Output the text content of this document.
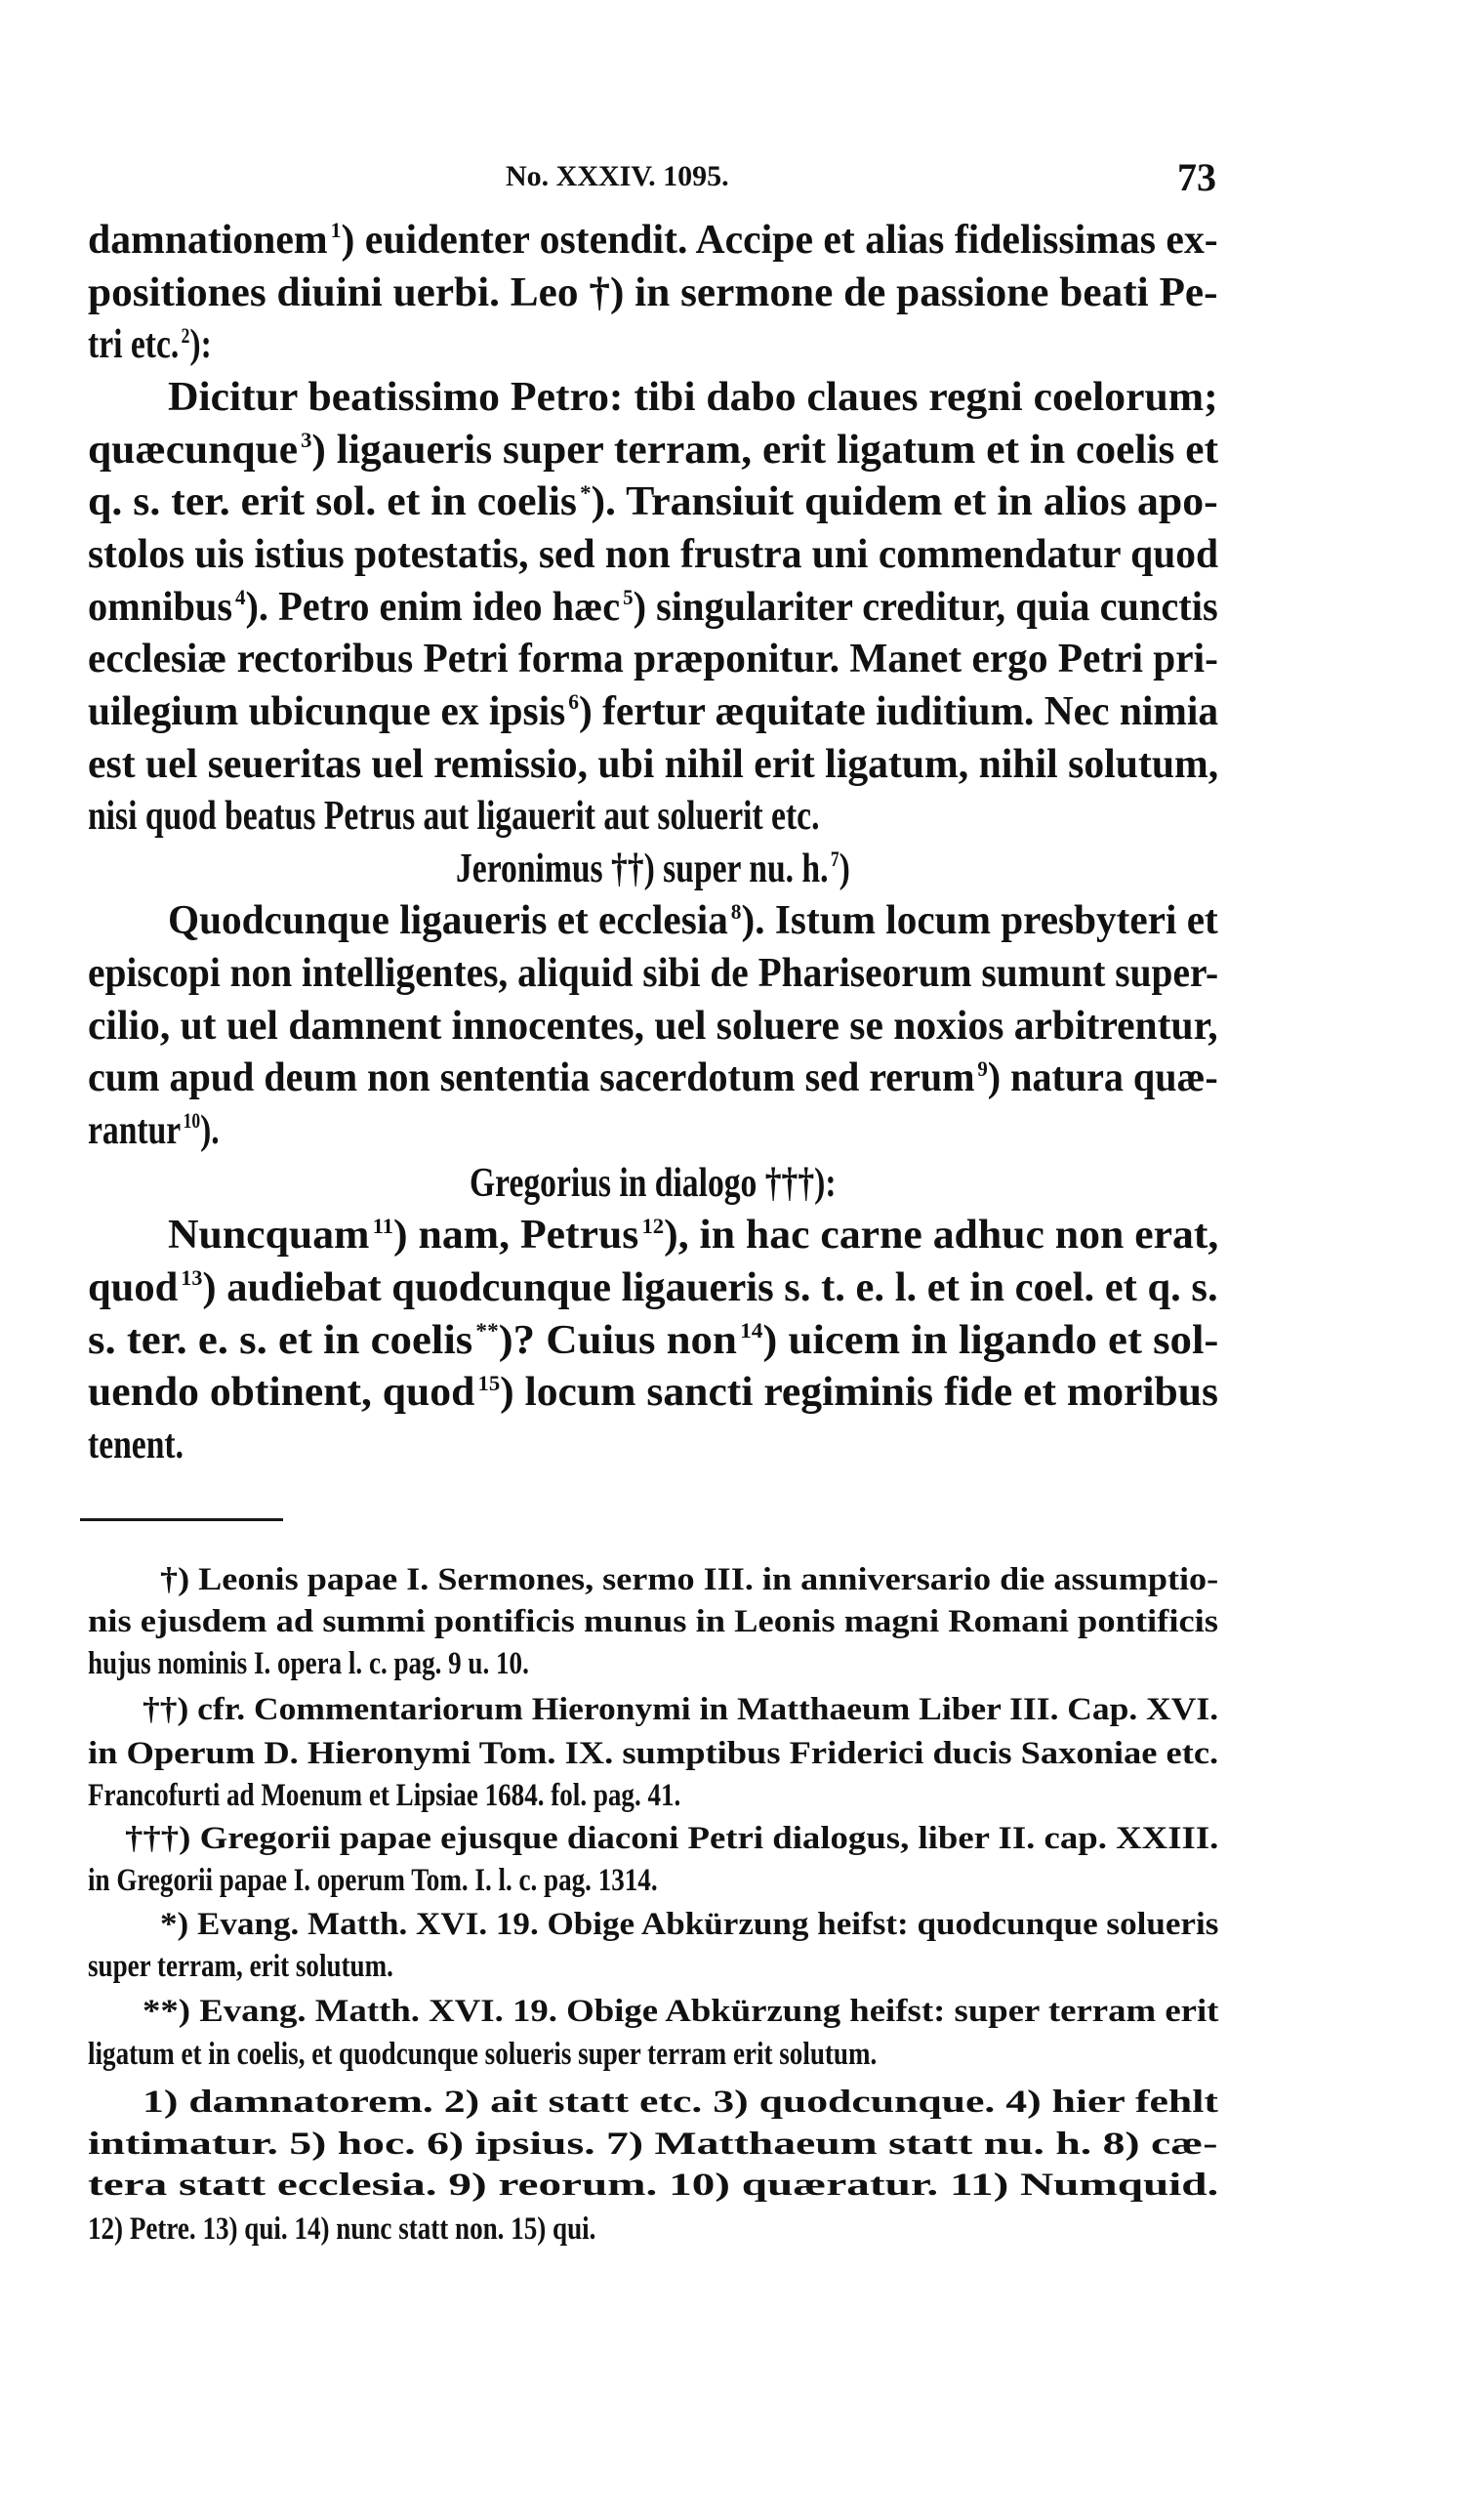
No. XXXIV. 1095.	73
damnationem $^1$) euidenter ostendit. Accipe et alias fidelissimas ex-
positiones diuini uerbi. Leo †) in sermone de passione beati Pe-
tri etc. $^2$):
Dicitur beatissimo Petro: tibi dabo claues regni coelorum;
quæcunque $^3$) ligaueris super terram, erit ligatum et in coelis et
q. s. ter. erit sol. et in coelis *). Transiuit quidem et in alios apo-
stolos uis istius potestatis, sed non frustra uni commendatur quod
omnibus $^4$). Petro enim ideo hæc $^5$) singulariter creditur, quia cunctis
ecclesiæ rectoribus Petri forma præponitur. Manet ergo Petri pri-
uilegium ubicunque ex ipsis $^6$) fertur æquitate iuditium. Nec nimia
est uel seueritas uel remissio, ubi nihil erit ligatum, nihil solutum,
nisi quod beatus Petrus aut ligauerit aut soluerit etc.
Jeronimus ††) super nu. h. $^7$)
Quodcunque ligaueris et ecclesia $^8$). Istum locum presbyteri et
episcopi non intelligentes, aliquid sibi de Phariseorum sumunt super-
cilio, ut uel damnent innocentes, uel soluere se noxios arbitrentur,
cum apud deum non sententia sacerdotum sed rerum $^9$) natura quæ-
rantur $^{10}$).
Gregorius in dialogo †††):
Nuncquam $^{11}$) nam, Petrus $^{12}$), in hac carne adhuc non erat,
quod $^{13}$) audiebat quodcunque ligaueris s. t. e. l. et in coel. et q. s.
s. ter. e. s. et in coelis **)? Cuius non $^{14}$) uicem in ligando et sol-
uendo obtinent, quod $^{15}$) locum sancti regiminis fide et moribus
tenent.
†) Leonis papae I. Sermones, sermo III. in anniversario die assumptio-
nis ejusdem ad summi pontificis munus in Leonis magni Romani pontificis
hujus nominis I. opera l. c. pag. 9 u. 10.
††) cfr. Commentariorum Hieronymi in Matthaeum Liber III. Cap. XVI.
in Operum D. Hieronymi Tom. IX. sumptibus Friderici ducis Saxoniae etc.
Francofurti ad Moenum et Lipsiae 1684. fol. pag. 41.
†††) Gregorii papae ejusque diaconi Petri dialogus, liber II. cap. XXIII.
in Gregorii papae I. operum Tom. I. l. c. pag. 1314.
*) Evang. Matth. XVI. 19. Obige Abkürzung heifst: quodcunque solueris
super terram, erit solutum.
**) Evang. Matth. XVI. 19. Obige Abkürzung heifst: super terram erit
ligatum et in coelis, et quodcunque solueris super terram erit solutum.
1) damnatorem. 2) ait statt etc. 3) quodcunque. 4) hier fehlt
intimatur. 5) hoc. 6) ipsius. 7) Matthaeum statt nu. h. 8) cæ-
tera statt ecclesia. 9) reorum. 10) quæratur. 11) Numquid.
12) Petre. 13) qui. 14) nunc statt non. 15) qui.
